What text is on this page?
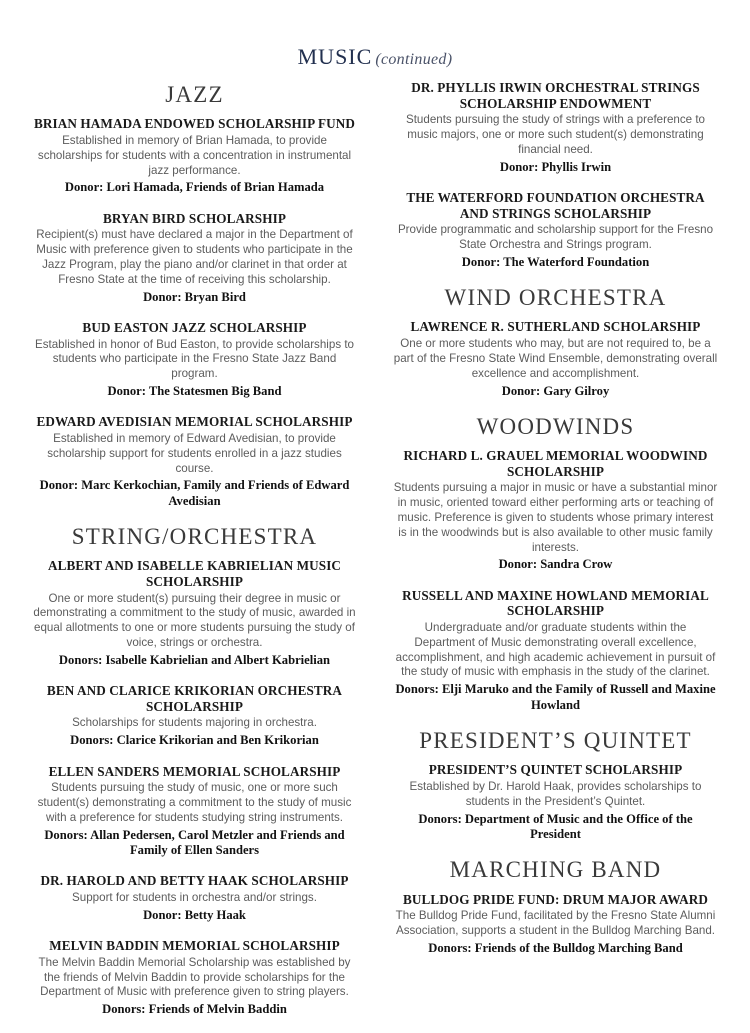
MUSIC (continued)
JAZZ
BRIAN HAMADA ENDOWED SCHOLARSHIP FUND
Established in memory of Brian Hamada, to provide scholarships for students with a concentration in instrumental jazz performance.
Donor: Lori Hamada, Friends of Brian Hamada
BRYAN BIRD SCHOLARSHIP
Recipient(s) must have declared a major in the Department of Music with preference given to students who participate in the Jazz Program, play the piano and/or clarinet in that order at Fresno State at the time of receiving this scholarship.
Donor: Bryan Bird
BUD EASTON JAZZ SCHOLARSHIP
Established in honor of Bud Easton, to provide scholarships to students who participate in the Fresno State Jazz Band program.
Donor: The Statesmen Big Band
EDWARD AVEDISIAN MEMORIAL SCHOLARSHIP
Established in memory of Edward Avedisian, to provide scholarship support for students enrolled in a jazz studies course.
Donor: Marc Kerkochian, Family and Friends of Edward Avedisian
STRING/ORCHESTRA
ALBERT AND ISABELLE KABRIELIAN MUSIC SCHOLARSHIP
One or more student(s) pursuing their degree in music or demonstrating a commitment to the study of music, awarded in equal allotments to one or more students pursuing the study of voice, strings or orchestra.
Donors: Isabelle Kabrielian and Albert Kabrielian
BEN AND CLARICE KRIKORIAN ORCHESTRA SCHOLARSHIP
Scholarships for students majoring in orchestra.
Donors: Clarice Krikorian and Ben Krikorian
ELLEN SANDERS MEMORIAL SCHOLARSHIP
Students pursuing the study of music, one or more such student(s) demonstrating a commitment to the study of music with a preference for students studying string instruments.
Donors: Allan Pedersen, Carol Metzler and Friends and Family of Ellen Sanders
DR. HAROLD AND BETTY HAAK SCHOLARSHIP
Support for students in orchestra and/or strings.
Donor: Betty Haak
MELVIN BADDIN MEMORIAL SCHOLARSHIP
The Melvin Baddin Memorial Scholarship was established by the friends of Melvin Baddin to provide scholarships for the Department of Music with preference given to string players.
Donors: Friends of Melvin Baddin
DR. PHYLLIS IRWIN ORCHESTRAL STRINGS SCHOLARSHIP ENDOWMENT
Students pursuing the study of strings with a preference to music majors, one or more such student(s) demonstrating financial need.
Donor: Phyllis Irwin
THE WATERFORD FOUNDATION ORCHESTRA AND STRINGS SCHOLARSHIP
Provide programmatic and scholarship support for the Fresno State Orchestra and Strings program.
Donor: The Waterford Foundation
WIND ORCHESTRA
LAWRENCE R. SUTHERLAND SCHOLARSHIP
One or more students who may, but are not required to, be a part of the Fresno State Wind Ensemble, demonstrating overall excellence and accomplishment.
Donor: Gary Gilroy
WOODWINDS
RICHARD L. GRAUEL MEMORIAL WOODWIND SCHOLARSHIP
Students pursuing a major in music or have a substantial minor in music, oriented toward either performing arts or teaching of music. Preference is given to students whose primary interest is in the woodwinds but is also available to other music family interests.
Donor: Sandra Crow
RUSSELL AND MAXINE HOWLAND MEMORIAL SCHOLARSHIP
Undergraduate and/or graduate students within the Department of Music demonstrating overall excellence, accomplishment, and high academic achievement in pursuit of the study of music with emphasis in the study of the clarinet.
Donors: Elji Maruko and the Family of Russell and Maxine Howland
PRESIDENT’S QUINTET
PRESIDENT’S QUINTET SCHOLARSHIP
Established by Dr. Harold Haak, provides scholarships to students in the President’s Quintet.
Donors: Department of Music and the Office of the President
MARCHING BAND
BULLDOG PRIDE FUND: DRUM MAJOR AWARD
The Bulldog Pride Fund, facilitated by the Fresno State Alumni Association, supports a student in the Bulldog Marching Band.
Donors: Friends of the Bulldog Marching Band
